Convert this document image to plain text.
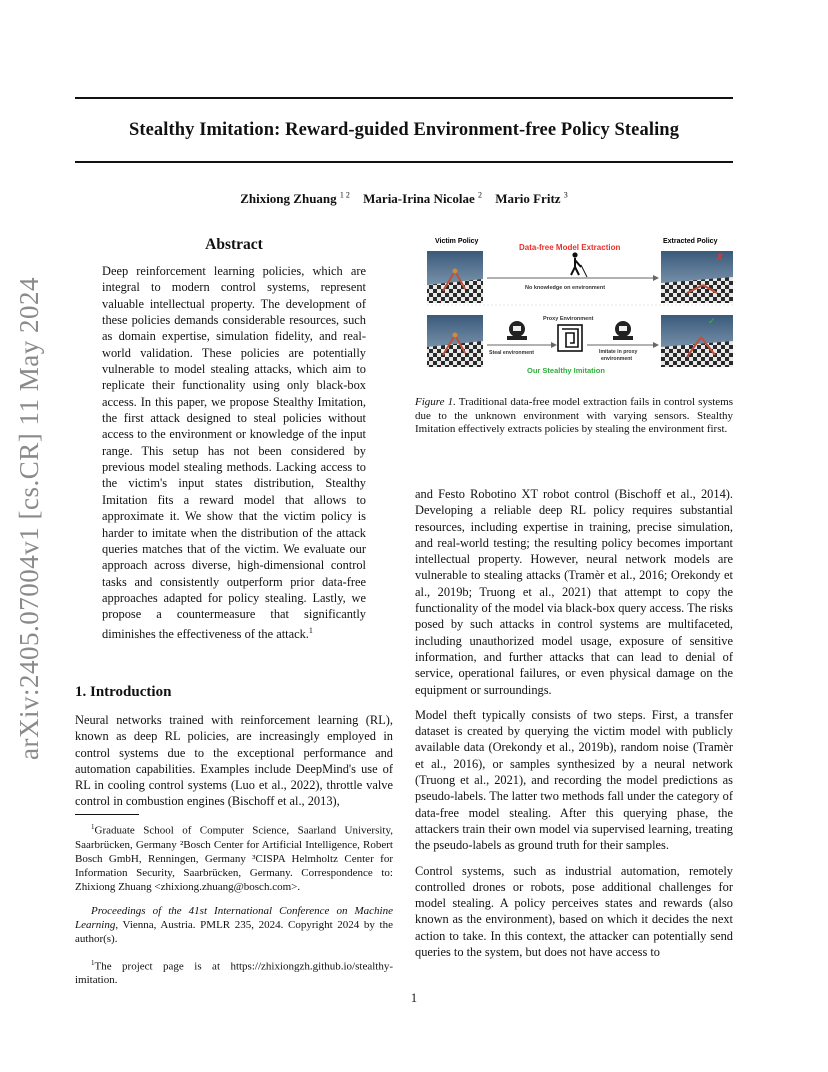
Stealthy Imitation: Reward-guided Environment-free Policy Stealing
Zhixiong Zhuang $^{1 2}$ Maria-Irina Nicolae $^2$ Mario Fritz $^3$
arXiv:2405.07004v1 [cs.CR] 11 May 2024
Abstract
Deep reinforcement learning policies, which are integral to modern control systems, represent valuable intellectual property. The development of these policies demands considerable resources, such as domain expertise, simulation fidelity, and real-world validation. These policies are potentially vulnerable to model stealing attacks, which aim to replicate their functionality using only black-box access. In this paper, we propose Stealthy Imitation, the first attack designed to steal policies without access to the environment or knowledge of the input range. This setup has not been considered by previous model stealing methods. Lacking access to the victim's input states distribution, Stealthy Imitation fits a reward model that allows to approximate it. We show that the victim policy is harder to imitate when the distribution of the attack queries matches that of the victim. We evaluate our approach across diverse, high-dimensional control tasks and consistently outperform prior data-free approaches adapted for policy stealing. Lastly, we propose a countermeasure that significantly diminishes the effectiveness of the attack.$^1$
1. Introduction
Neural networks trained with reinforcement learning (RL), known as deep RL policies, are increasingly employed in control systems due to the exceptional performance and automation capabilities. Examples include DeepMind's use of RL in cooling control systems (Luo et al., 2022), throttle valve control in combustion engines (Bischoff et al., 2013),

$^1$Graduate School of Computer Science, Saarland University, Saarbrücken, Germany ²Bosch Center for Artificial Intelligence, Robert Bosch GmbH, Renningen, Germany ³CISPA Helmholtz Center for Information Security, Saarbrücken, Germany. Correspondence to: Zhixiong Zhuang <zhixiong.zhuang@bosch.com>.

Proceedings of the 41st International Conference on Machine Learning, Vienna, Austria. PMLR 235, 2024. Copyright 2024 by the author(s).

$^1$The project page is at https://zhixiongzh.github.io/stealthy-imitation.

Victim Policy	Extracted Policy
Data-free Model Extraction
✗
No knowledge on environment
✓
Proxy Environment
Steal environment	Imitate in proxy
environment
Our Stealthy Imitation
Figure 1. Traditional data-free model extraction fails in control systems due to the unknown environment with varying sensors. Stealthy Imitation effectively extracts policies by stealing the environment first.

and Festo Robotino XT robot control (Bischoff et al., 2014). Developing a reliable deep RL policy requires substantial resources, including expertise in training, precise simulation, and real-world testing; the resulting policy becomes important intellectual property. However, neural network models are vulnerable to stealing attacks (Tramèr et al., 2016; Orekondy et al., 2019b; Truong et al., 2021) that attempt to copy the functionality of the model via black-box query access. The risks posed by such attacks in control systems are multifaceted, including unauthorized model usage, exposure of sensitive information, and further attacks that can lead to denial of service, operational failures, or even physical damage on the equipment or surroundings.

Model theft typically consists of two steps. First, a transfer dataset is created by querying the victim model with publicly available data (Orekondy et al., 2019b), random noise (Tramèr et al., 2016), or samples synthesized by a neural network (Truong et al., 2021), and recording the model predictions as pseudo-labels. The latter two methods fall under the category of data-free model stealing. After this querying phase, the attackers train their own model via supervised learning, treating the pseudo-labels as ground truth for their samples.

Control systems, such as industrial automation, remotely controlled drones or robots, pose additional challenges for model stealing. A policy perceives states and rewards (also known as the environment), based on which it decides the next action to take. In this context, the attacker can potentially send queries to the system, but does not have access to

1
